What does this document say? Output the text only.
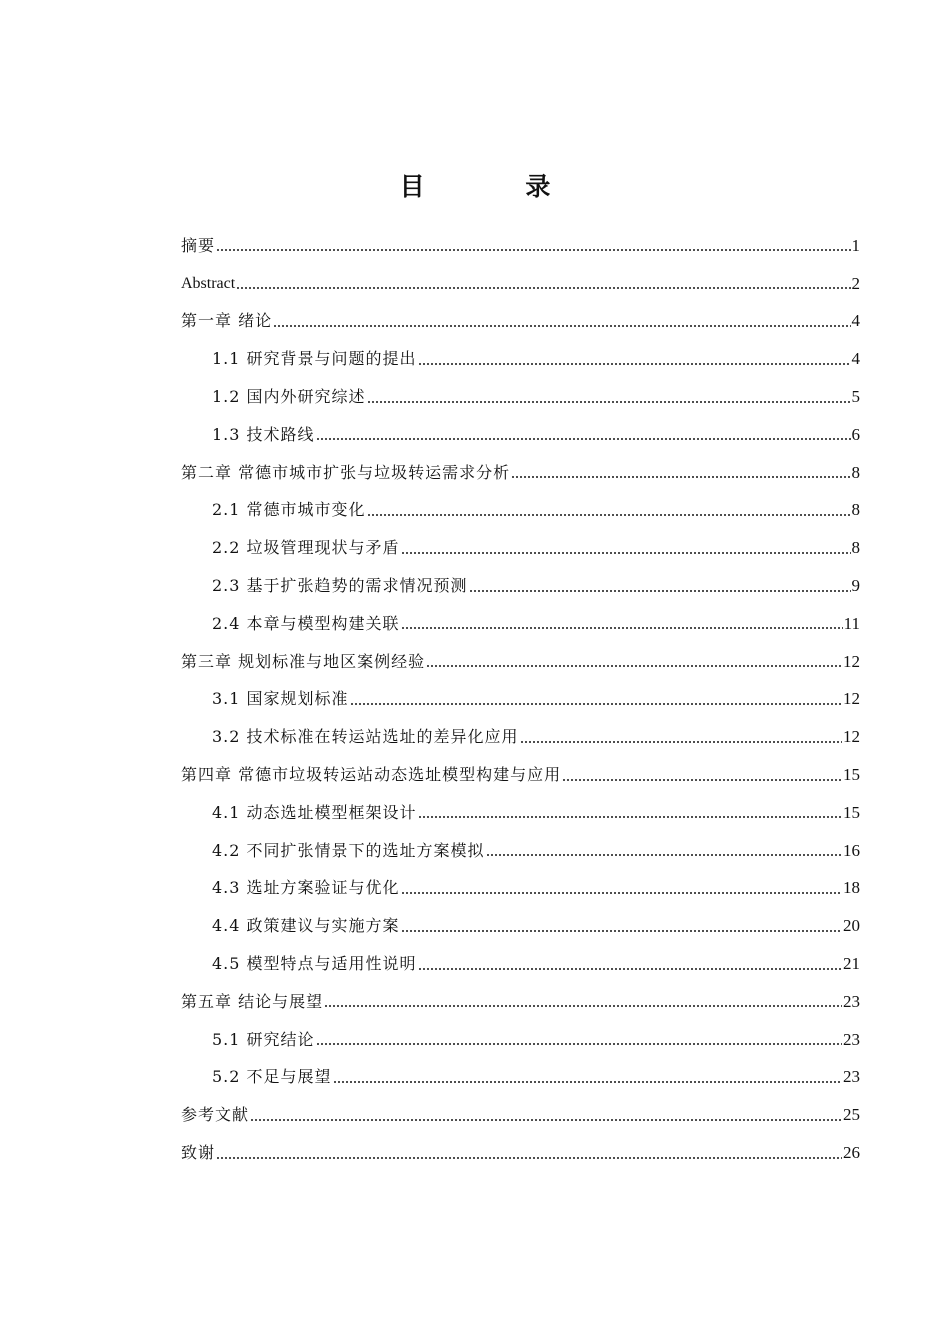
目 录
摘要	1
Abstract	2
第一章 绪论	4
1.1 研究背景与问题的提出	4
1.2 国内外研究综述	5
1.3 技术路线	6
第二章 常德市城市扩张与垃圾转运需求分析	8
2.1 常德市城市变化	8
2.2 垃圾管理现状与矛盾	8
2.3 基于扩张趋势的需求情况预测	9
2.4 本章与模型构建关联	11
第三章 规划标准与地区案例经验	12
3.1 国家规划标准	12
3.2 技术标准在转运站选址的差异化应用	12
第四章 常德市垃圾转运站动态选址模型构建与应用	15
4.1 动态选址模型框架设计	15
4.2 不同扩张情景下的选址方案模拟	16
4.3 选址方案验证与优化	18
4.4 政策建议与实施方案	20
4.5 模型特点与适用性说明	21
第五章 结论与展望	23
5.1 研究结论	23
5.2 不足与展望	23
参考文献	25
致谢	26
